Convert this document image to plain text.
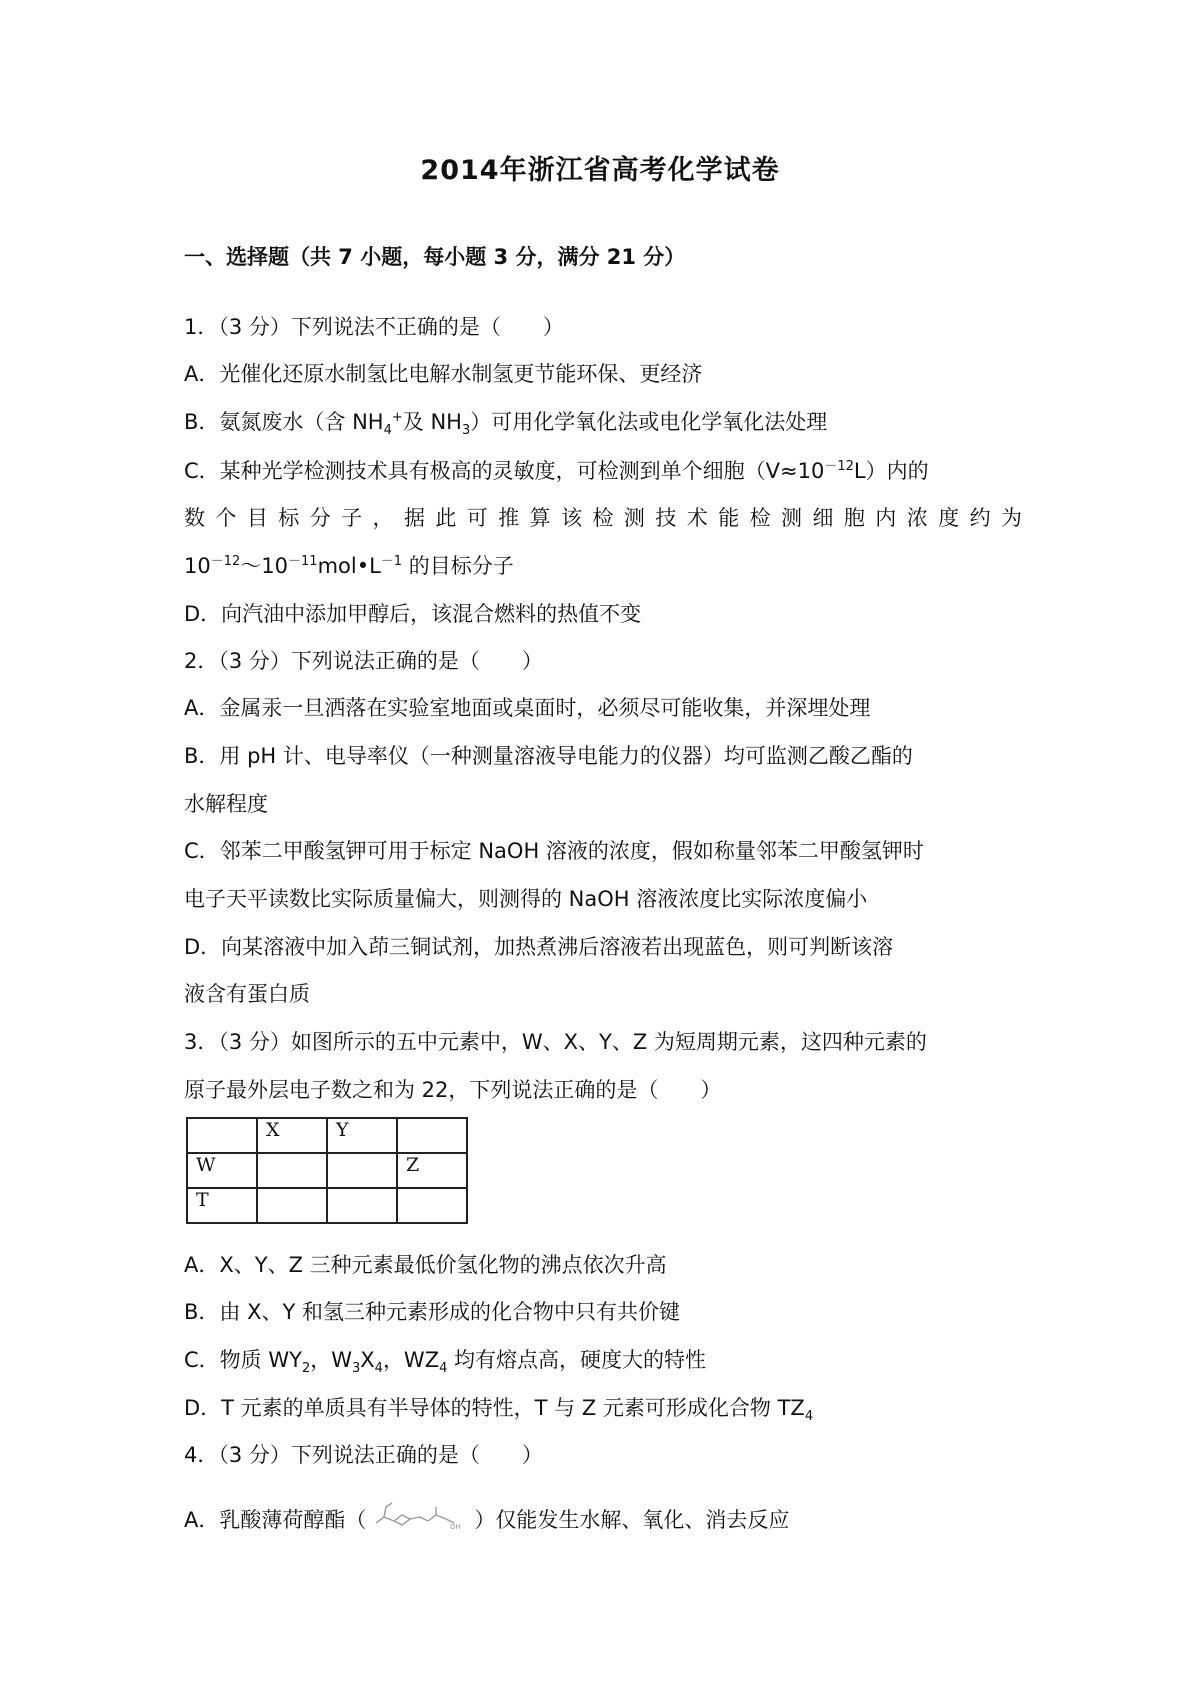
2014年浙江省高考化学试卷
一、选择题（共 7 小题，每小题 3 分，满分 21 分）
1．（3 分）下列说法不正确的是（　　）
A．光催化还原水制氢比电解水制氢更节能环保、更经济
B．氨氮废水（含 $NH_4^+$及 $NH_3$）可用化学氧化法或电化学氧化法处理
C．某种光学检测技术具有极高的灵敏度，可检测到单个细胞$(V\approx 10^{-12}L)$内的
数个目标分子，据此可推算该检测技术能检测细胞内浓度约为
$10^{-12}\sim 10^{-11}mol•L^{-1}$ 的目标分子
D．向汽油中添加甲醇后，该混合燃料的热值不变
2．（3 分）下列说法正确的是（　　）
A．金属汞一旦洒落在实验室地面或桌面时，必须尽可能收集，并深埋处理
B．用 pH 计、电导率仪（一种测量溶液导电能力的仪器）均可监测乙酸乙酯的
水解程度
C．邻苯二甲酸氢钾可用于标定 NaOH 溶液的浓度，假如称量邻苯二甲酸氢钾时
电子天平读数比实际质量偏大，则测得的 NaOH 溶液浓度比实际浓度偏小
D．向某溶液中加入茚三铜试剂，加热煮沸后溶液若出现蓝色，则可判断该溶
液含有蛋白质
3．（3 分）如图所示的五中元素中，W、X、Y、Z 为短周期元素，这四种元素的
原子最外层电子数之和为 22，下列说法正确的是（　　）
	X	Y	
W			Z
T			
A．X、Y、Z 三种元素最低价氢化物的沸点依次升高
B．由 X、Y 和氢三种元素形成的化合物中只有共价键
C．物质 $WY_2$，$W_3X_4$，$WZ_4$ 均有熔点高，硬度大的特性
D．T 元素的单质具有半导体的特性，T 与 Z 元素可形成化合物 $TZ_4$
4．（3 分）下列说法正确的是（　　）
A．乳酸薄荷醇酯（	OH ）仅能发生水解、氧化、消去反应
